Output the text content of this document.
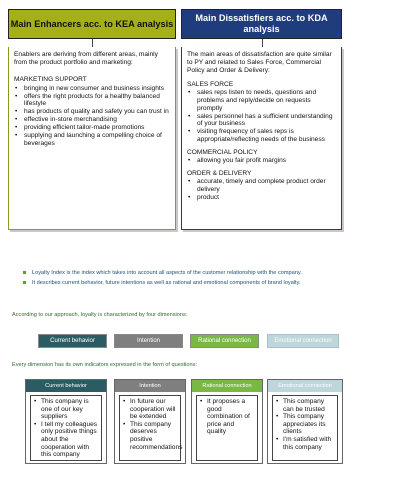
Main Enhancers acc. to KEA analysis

Enablers are deriving from different areas, mainly from the product portfolio and marketing:

MARKETING SUPPORT

• bringing in new consumer and business insights
• offers the right products for a healthy balanced lifestyle
• has products of quality and safety you can trust in
• effective in-store merchandising
• providing efficient tailor-made promotions
• supplying and launching a compelling choice of beverages
Main Dissatisfiers acc. to KDA analysis

The main areas of dissatisfaction are quite similar to PY and related to Sales Force, Commercial Policy and Order & Delivery:

SALES FORCE

• sales reps listen to needs, questions and problems and reply/decide on requests promptly
• sales personnel has a sufficient understanding of your business
• visiting frequency of sales reps is appropriate/reflecting needs of the business

COMMERCIAL POLICY

• allowing you fair profit margins

ORDER & DELIVERY

• accurate, timely and complete product order delivery
• product

Loyalty Index is the index which takes into account all aspects of the customer relationship with the company.

It describes current behavior, future intentions as well as rational and emotional components of brand loyalty.

According to our approach, loyalty is characterized by four dimensions:

Current behavior	Intention	Rational connection	Emotional connection

Every dimension has its own indicators expressed in the form of questions:

Current behavior
• This company is one of our key suppliers
• I tell my colleagues only positive things about the cooperation with this company
Intention
• In future our cooperation will be extended
• This company deserves positive recommendations
Rational connection
• It proposes a good combination of price and quality
Emotional connection
• This company can be trusted
• This company appreciates its clients
• I'm satisfied with this company
